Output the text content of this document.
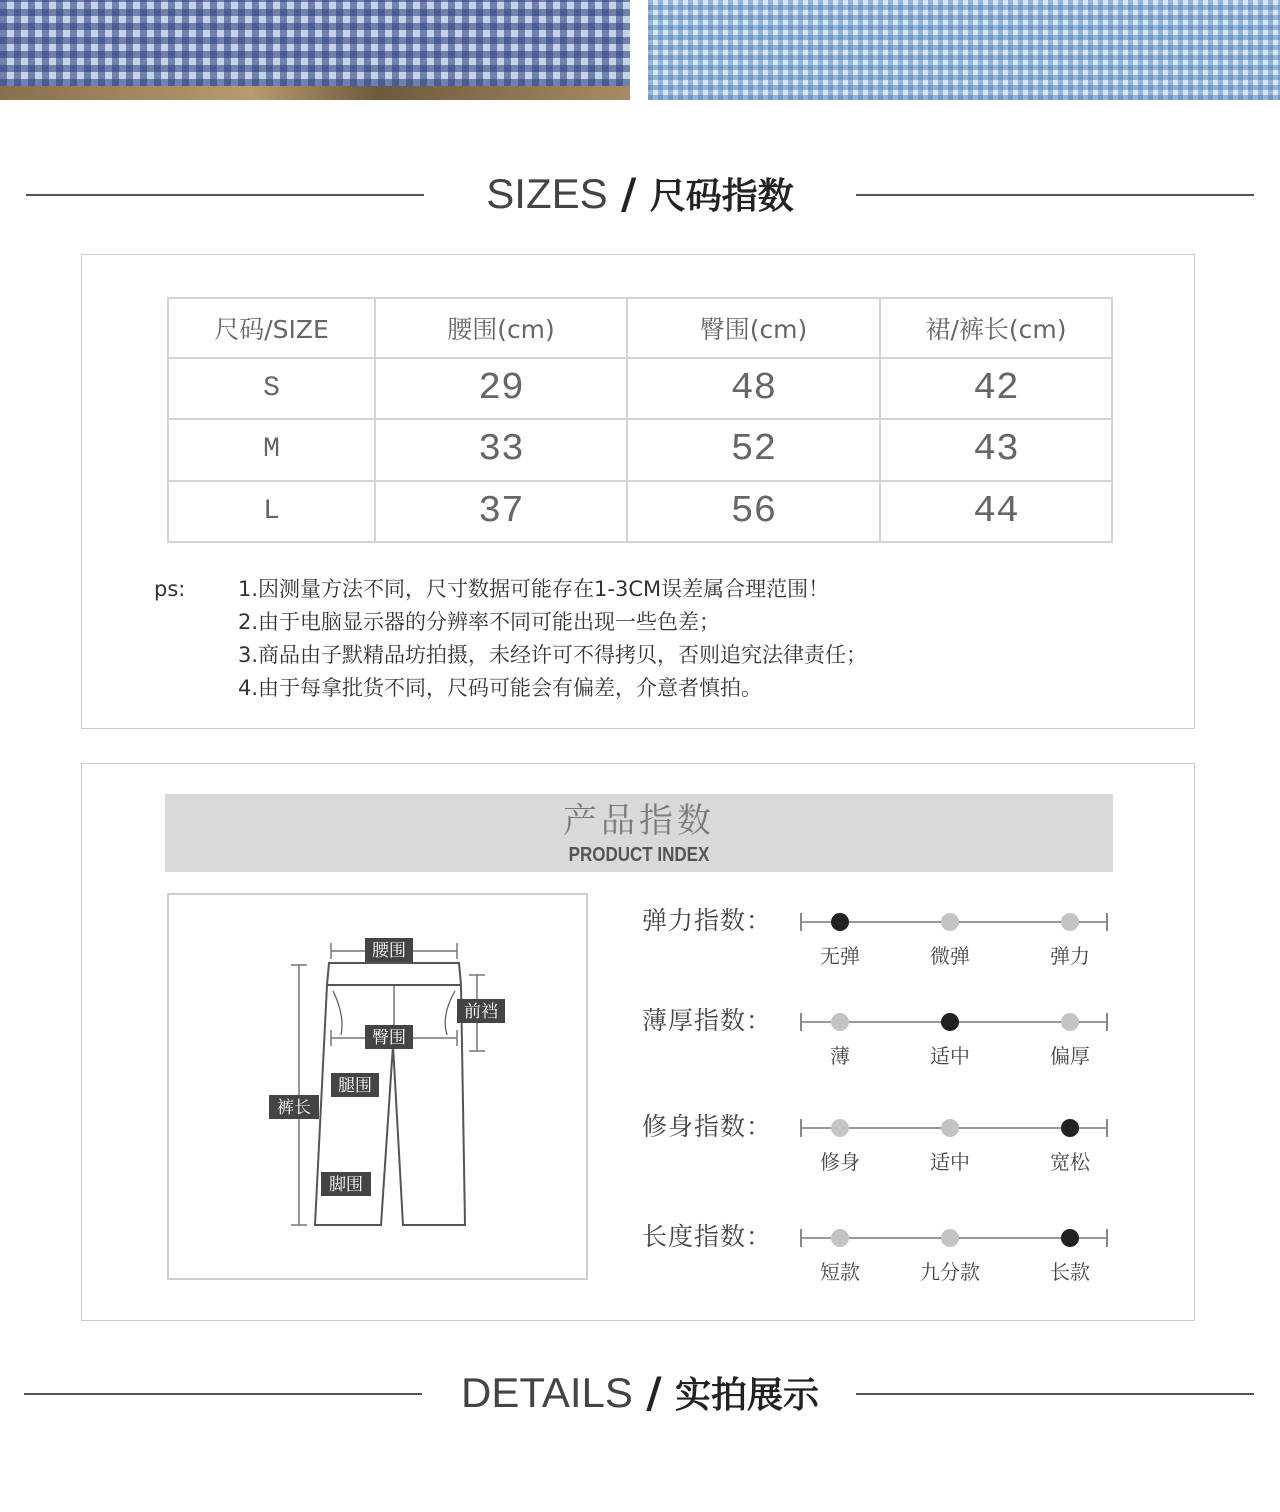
SIZES / 尺码指数
尺码/SIZE	腰围(cm)	臀围(cm)	裙/裤长(cm)
S	29	48	42
M	33	52	43
L	37	56	44
ps:	1.因测量方法不同，尺寸数据可能存在1-3CM误差属合理范围！
2.由于电脑显示器的分辨率不同可能出现一些色差；
3.商品由子默精品坊拍摄，未经许可不得拷贝，否则追究法律责任；
4.由于每拿批货不同，尺码可能会有偏差，介意者慎拍。
产品指数
PRODUCT INDEX
腰围
前裆
臀围
腿围
裤长
脚围
弹力指数：
无弹	微弹	弹力
薄厚指数：
薄	适中	偏厚
修身指数：
修身	适中	宽松
长度指数：
短款	九分款	长款
DETAILS / 实拍展示
